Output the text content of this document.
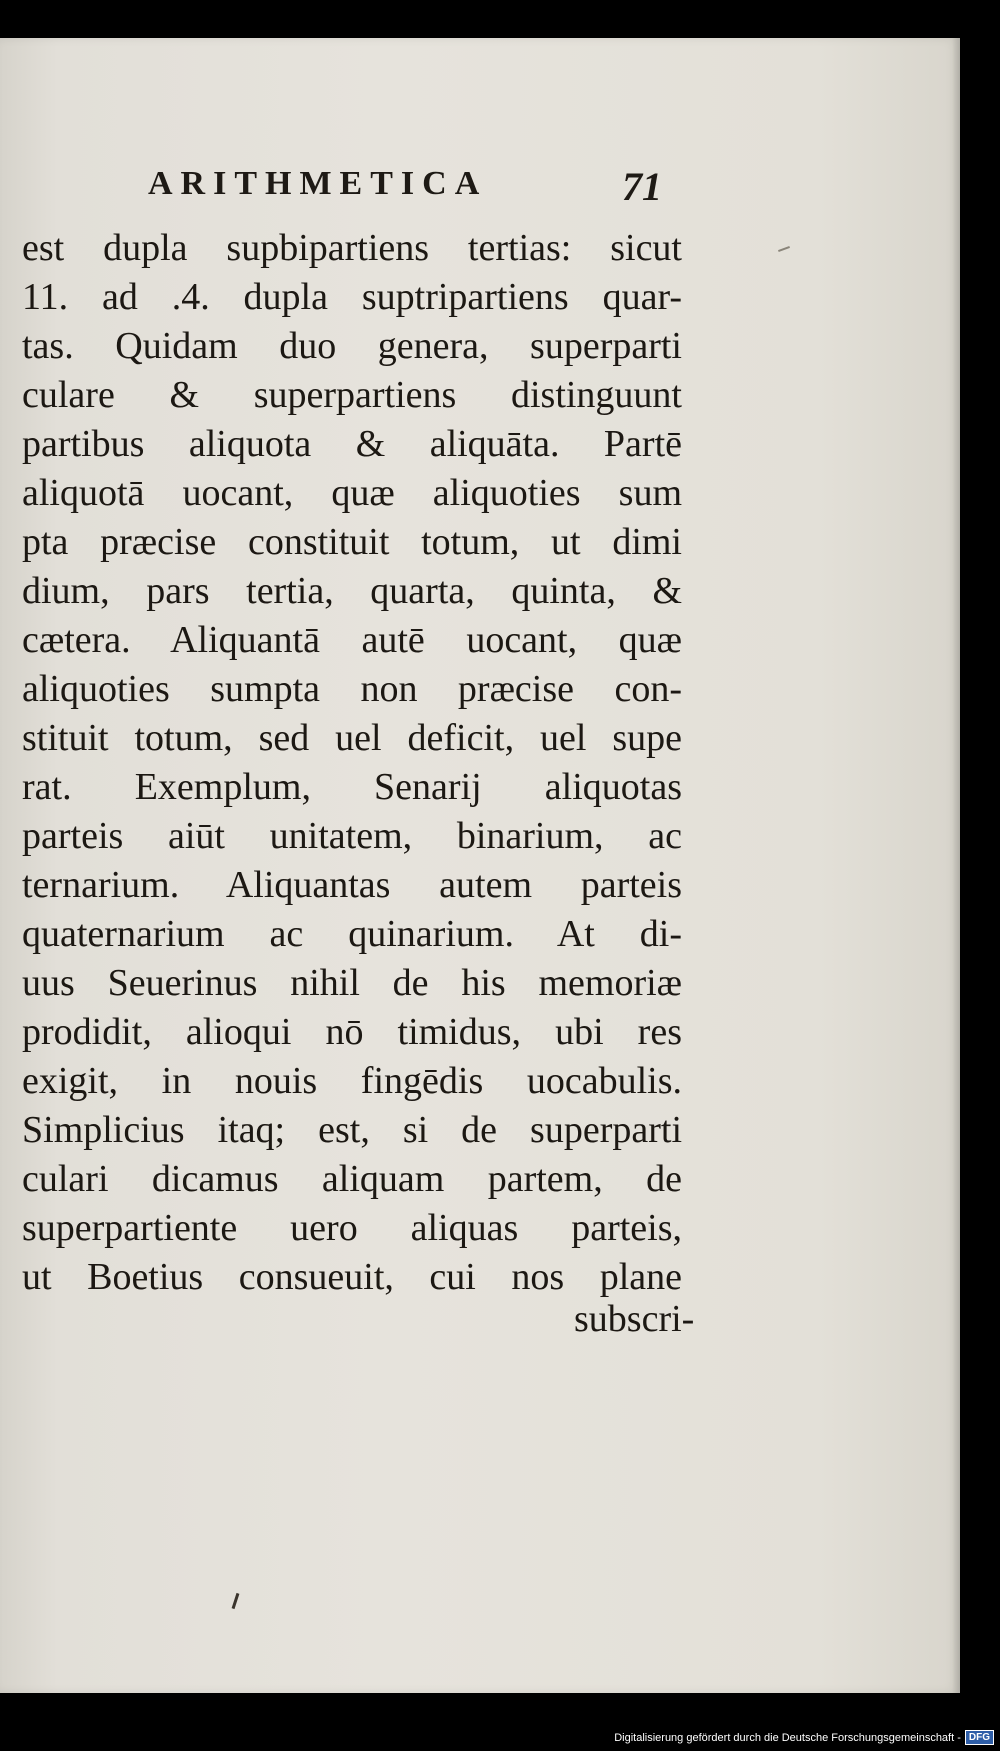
ARITHMETICA	71
est dupla supbipartiens tertias: sicut
11. ad .4. dupla suptripartiens quar-
tas. Quidam duo genera, superparti
culare & superpartiens distinguunt
partibus aliquota & aliquāta. Partē
aliquotā uocant, quæ aliquoties sum
pta præcise constituit totum, ut dimi
dium, pars tertia, quarta, quinta, &
cætera. Aliquantā autē uocant, quæ
aliquoties sumpta non præcise con-
stituit totum, sed uel deficit, uel supe
rat. Exemplum, Senarij aliquotas
parteis aiūt unitatem, binarium, ac
ternarium. Aliquantas autem parteis
quaternarium ac quinarium. At di-
uus Seuerinus nihil de his memoriæ
prodidit, alioqui nō timidus, ubi res
exigit, in nouis fingēdis uocabulis.
Simplicius itaq; est, si de superparti
culari dicamus aliquam partem, de
superpartiente uero aliquas parteis,
ut Boetius consueuit, cui nos plane
subscri-
Digitalisierung gefördert durch die Deutsche Forschungsgemeinschaft - DFG
